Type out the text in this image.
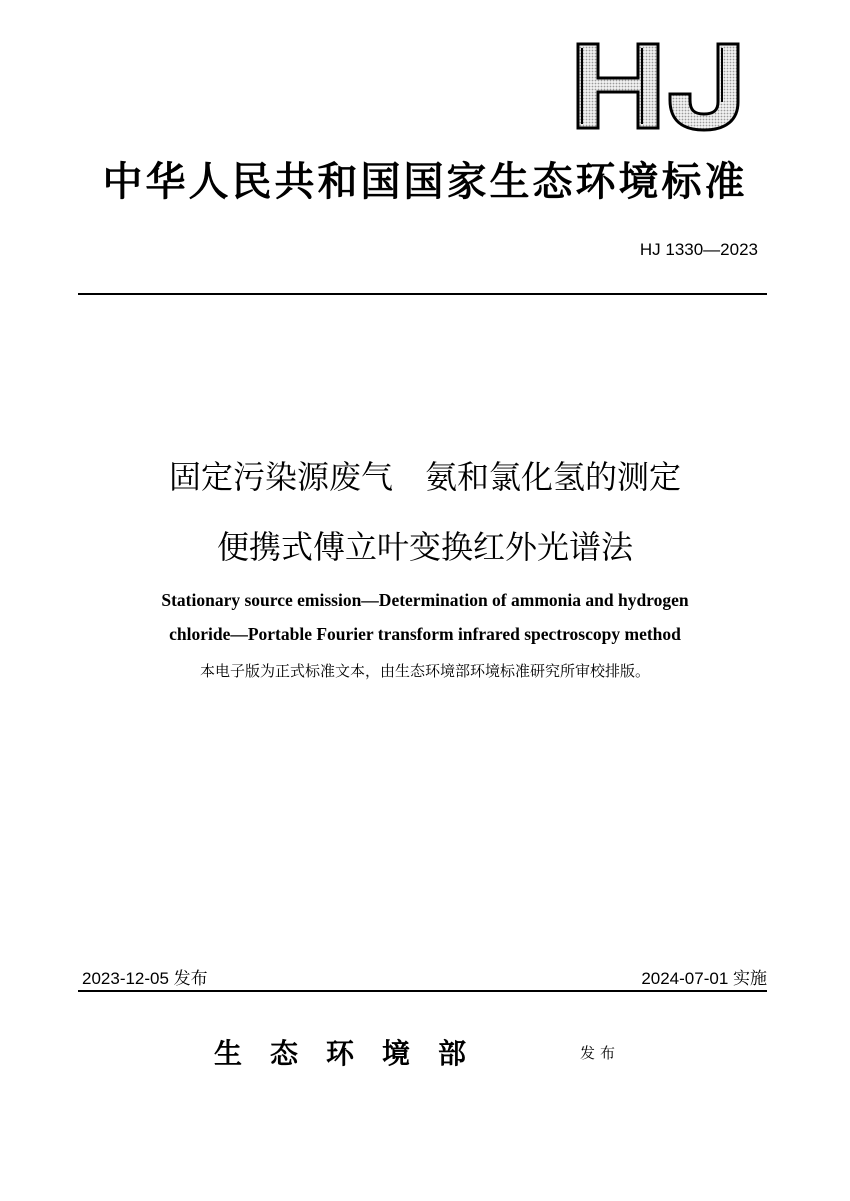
中华人民共和国国家生态环境标准
HJ 1330—2023
固定污染源废气　氨和氯化氢的测定
便携式傅立叶变换红外光谱法
Stationary source emission—Determination of ammonia and hydrogen
chloride—Portable Fourier transform infrared spectroscopy method
本电子版为正式标准文本，由生态环境部环境标准研究所审校排版。
2023-12-05 发布	2024-07-01 实施
生态环境部	发布
